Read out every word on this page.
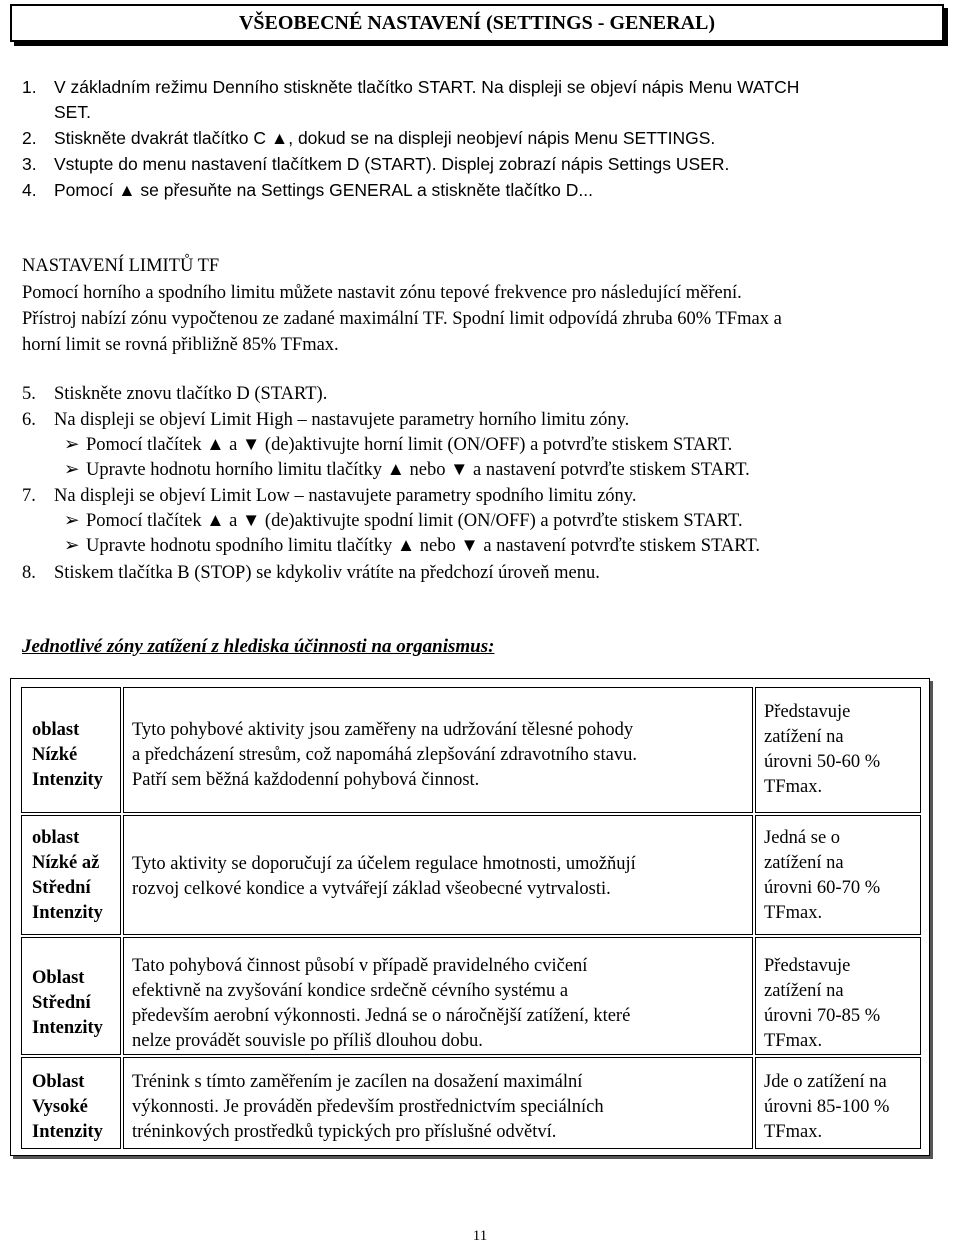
VŠEOBECNÉ NASTAVENÍ (SETTINGS - GENERAL)
1. V základním režimu Denního stiskněte tlačítko START. Na displeji se objeví nápis Menu WATCH
SET.
2. Stiskněte dvakrát tlačítko C ▲, dokud se na displeji neobjeví nápis Menu SETTINGS.
3. Vstupte do menu nastavení tlačítkem D (START). Displej zobrazí nápis Settings USER.
4. Pomocí ▲ se přesuňte na Settings GENERAL a stiskněte tlačítko D...
NASTAVENÍ LIMITŮ TF
Pomocí horního a spodního limitu můžete nastavit zónu tepové frekvence pro následující měření.
Přístroj nabízí zónu vypočtenou ze zadané maximální TF. Spodní limit odpovídá zhruba 60% TFmax a
horní limit se rovná přibližně 85% TFmax.
5. Stiskněte znovu tlačítko D (START).
6. Na displeji se objeví Limit High – nastavujete parametry horního limitu zóny.
➢ Pomocí tlačítek ▲ a ▼ (de)aktivujte horní limit (ON/OFF) a potvrďte stiskem START.
➢ Upravte hodnotu horního limitu tlačítky ▲ nebo ▼ a nastavení potvrďte stiskem START.
7. Na displeji se objeví Limit Low – nastavujete parametry spodního limitu zóny.
➢ Pomocí tlačítek ▲ a ▼ (de)aktivujte spodní limit (ON/OFF) a potvrďte stiskem START.
➢ Upravte hodnotu spodního limitu tlačítky ▲ nebo ▼ a nastavení potvrďte stiskem START.
8. Stiskem tlačítka B (STOP) se kdykoliv vrátíte na předchozí úroveň menu.
Jednotlivé zóny zatížení z hlediska účinnosti na organismus:
oblast
Nízké
Intenzity
Tyto pohybové aktivity jsou zaměřeny na udržování tělesné pohody
a předcházení stresům, což napomáhá zlepšování zdravotního stavu.
Patří sem běžná každodenní pohybová činnost.
Představuje
zatížení na
úrovni 50-60 %
TFmax.
oblast
Nízké až
Střední
Intenzity
Tyto aktivity se doporučují za účelem regulace hmotnosti, umožňují
rozvoj celkové kondice a vytvářejí základ všeobecné vytrvalosti.
Jedná se o
zatížení na
úrovni 60-70 %
TFmax.
Oblast
Střední
Intenzity
Tato pohybová činnost působí v případě pravidelného cvičení
efektivně na zvyšování kondice srdečně cévního systému a
především aerobní výkonnosti. Jedná se o náročnější zatížení, které
nelze provádět souvisle po příliš dlouhou dobu.
Představuje
zatížení na
úrovni 70-85 %
TFmax.
Oblast
Vysoké
Intenzity
Trénink s tímto zaměřením je zacílen na dosažení maximální
výkonnosti. Je prováděn především prostřednictvím speciálních
tréninkových prostředků typických pro příslušné odvětví.
Jde o zatížení na
úrovni 85-100 %
TFmax.
11
